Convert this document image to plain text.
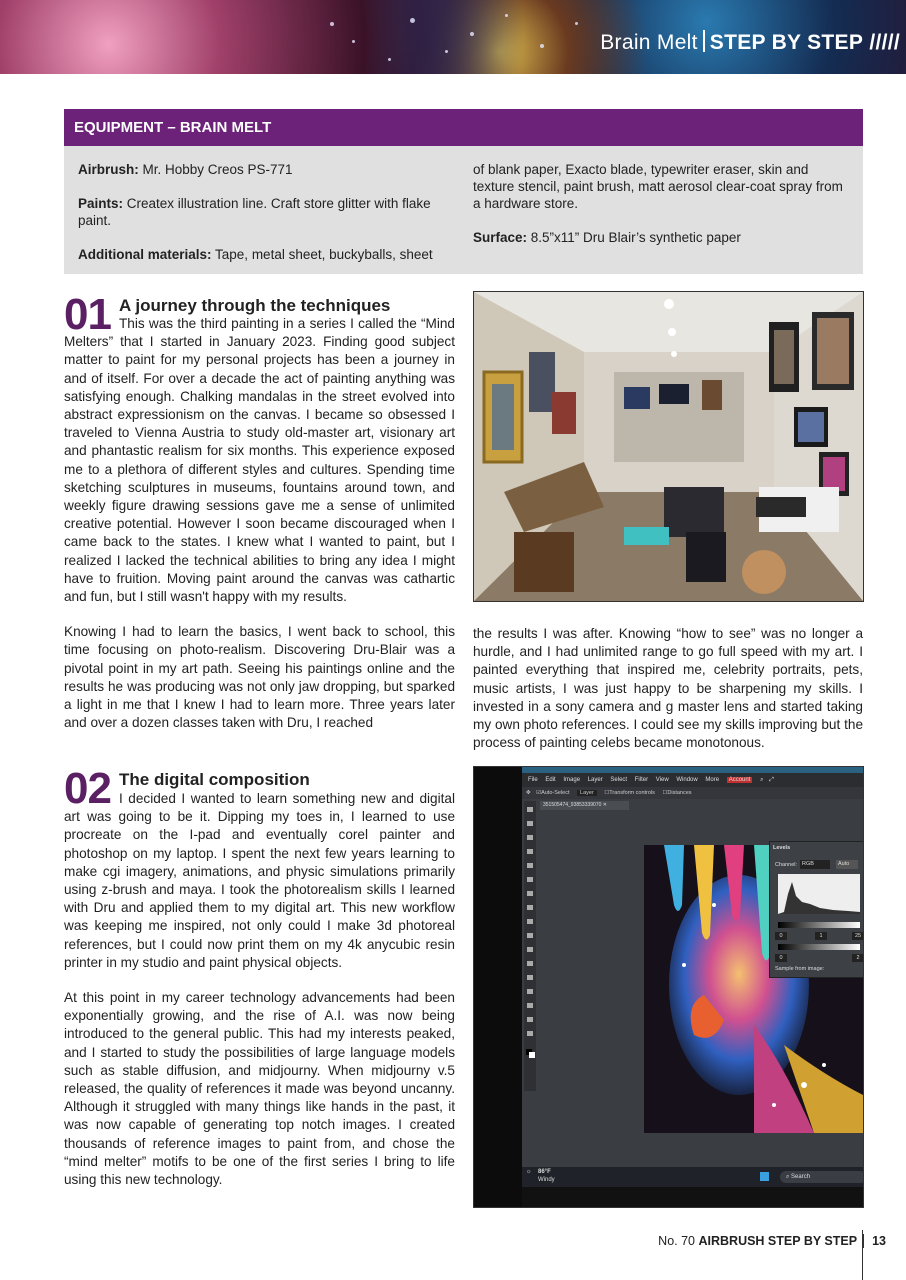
Brain Melt STEP BY STEP /////
EQUIPMENT – BRAIN MELT

Airbrush: Mr. Hobby Creos PS-771

Paints: Createx illustration line. Craft store glitter with flake paint.

Additional materials: Tape, metal sheet, buckyballs, sheet

of blank paper, Exacto blade, typewriter eraser, skin and texture stencil, paint brush, matt aerosol clear-coat spray from a hardware store.

Surface: 8.5”x11” Dru Blair’s synthetic paper

01 A journey through the techniques

This was the third painting in a series I called the “Mind Melters” that I started in January 2023. Finding good subject matter to paint for my personal projects has been a journey in and of itself. For over a decade the act of painting anything was satisfying enough. Chalking mandalas in the street evolved into abstract expressionism on the canvas. I became so obsessed I traveled to Vienna Austria to study old-master art, visionary art and phantastic realism for six months. This experience exposed me to a plethora of different styles and cultures. Spending time sketching sculptures in museums, fountains around town, and weekly figure drawing sessions gave me a sense of unlimited creative potential. However I soon became discouraged when I came back to the states. I knew what I wanted to paint, but I realized I lacked the technical abilities to bring any idea I might have to fruition. Moving paint around the canvas was cathartic and fun, but I still wasn't happy with my results.

Knowing I had to learn the basics, I went back to school, this time focusing on photo-realism. Discovering Dru-Blair was a pivotal point in my art path. Seeing his paintings online and the results he was producing was not only jaw dropping, but sparked a light in me that I knew I had to learn more. Three years later and over a dozen classes taken with Dru, I reached

the results I was after. Knowing “how to see” was no longer a hurdle, and I had unlimited range to go full speed with my art. I painted everything that inspired me, celebrity portraits, pets, music artists, I was just happy to be sharpening my skills. I invested in a sony camera and g master lens and started taking my own photo references. I could see my skills improving but the process of painting celebs became monotonous.

02 The digital composition

I decided I wanted to learn something new and digital art was going to be it. Dipping my toes in, I learned to use procreate on the I-pad and eventually corel painter and photoshop on my laptop. I spent the next few years learning to make cgi imagery, animations, and physic simulations primarily using z-brush and maya. I took the photorealism skills I learned with Dru and applied them to my digital art. This new workflow was keeping me inspired, not only could I make 3d photoreal references, but I could now print them on my 4k anycubic resin printer in my studio and paint physical objects.

At this point in my career technology advancements had been exponentially growing, and the rise of A.I. was now being introduced to the general public. This had my interests peaked, and I started to study the possibilities of large language models such as stable diffusion, and midjourny. When midjourny v.5 released, the quality of references it made was beyond uncanny. Although it struggled with many things like hands in the past, it was now capable of generating top notch images. I created thousands of reference images to paint from, and chose the “mind melter” motifs to be one of the first series I bring to life using this new technology.

File Edit Image Layer Select Filter View Window More Account ⌕ ⤢
✥ ☑Auto-Select Layer ☐Transform controls ☐Distances
351505474_93853339070 ✕
Levels
Channel: RGB	Auto
0	1	25
0	2
Sample from image:
☼ 86°F
Windy	⌕ Search
No. 70 AIRBRUSH STEP BY STEP 13
